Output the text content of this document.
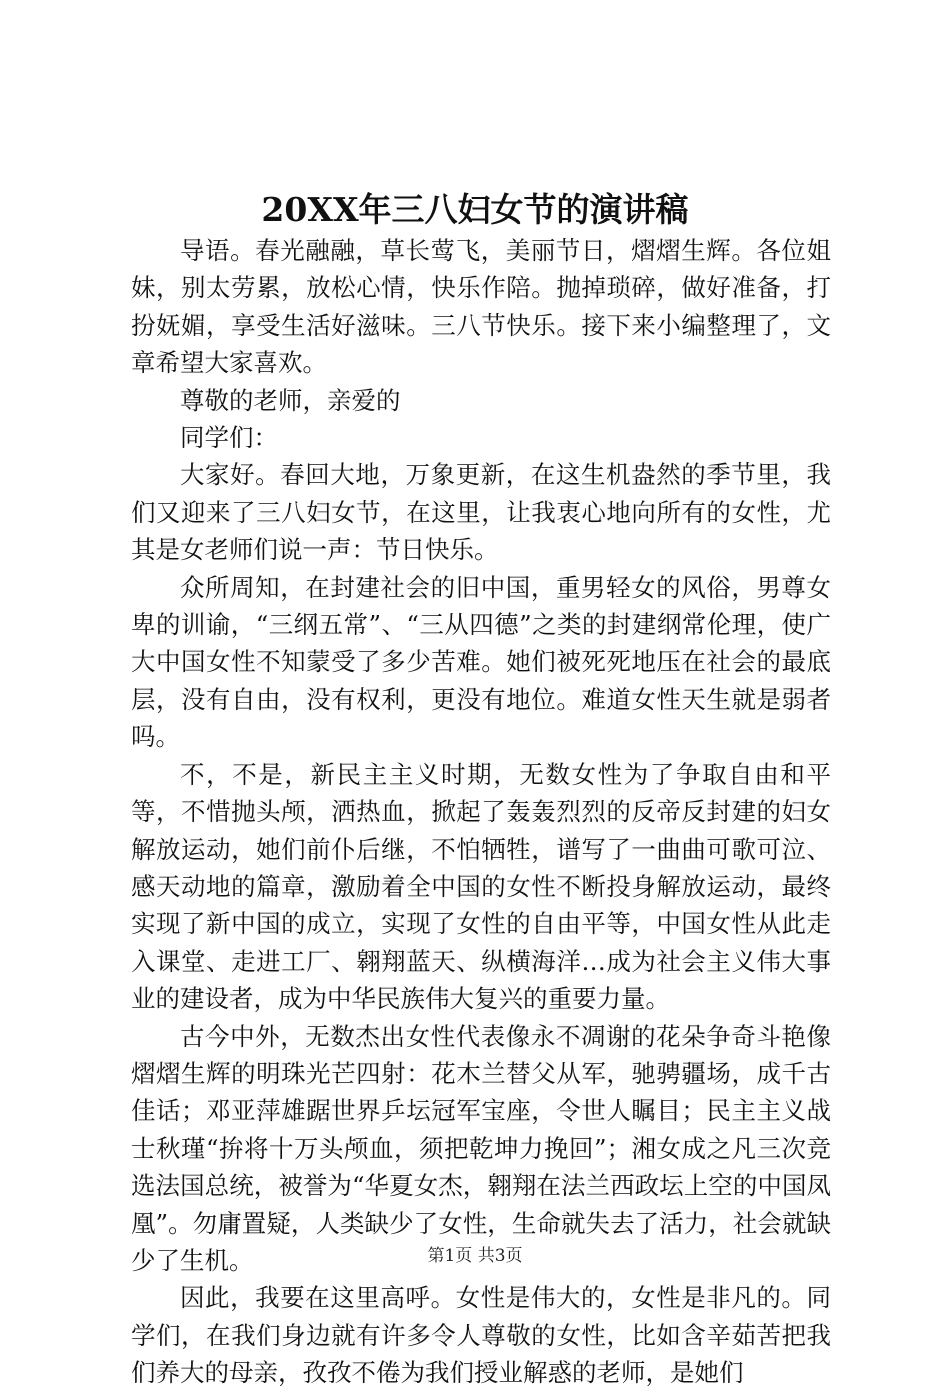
20XX年三八妇女节的演讲稿

导语。春光融融，草长莺飞，美丽节日，熠熠生辉。各位姐妹，别太劳累，放松心情，快乐作陪。抛掉琐碎，做好准备，打扮妩媚，享受生活好滋味。三八节快乐。接下来小编整理了，文章希望大家喜欢。

尊敬的老师，亲爱的

同学们：

大家好。春回大地，万象更新，在这生机盎然的季节里，我们又迎来了三八妇女节，在这里，让我衷心地向所有的女性，尤其是女老师们说一声：节日快乐。

众所周知，在封建社会的旧中国，重男轻女的风俗，男尊女卑的训谕，“三纲五常”、“三从四德”之类的封建纲常伦理，使广大中国女性不知蒙受了多少苦难。她们被死死地压在社会的最底层，没有自由，没有权利，更没有地位。难道女性天生就是弱者吗。

不，不是，新民主主义时期，无数女性为了争取自由和平等，不惜抛头颅，洒热血，掀起了轰轰烈烈的反帝反封建的妇女解放运动，她们前仆后继，不怕牺牲，谱写了一曲曲可歌可泣、感天动地的篇章，激励着全中国的女性不断投身解放运动，最终实现了新中国的成立，实现了女性的自由平等，中国女性从此走入课堂、走进工厂、翱翔蓝天、纵横海洋…成为社会主义伟大事业的建设者，成为中华民族伟大复兴的重要力量。

古今中外，无数杰出女性代表像永不凋谢的花朵争奇斗艳像熠熠生辉的明珠光芒四射：花木兰替父从军，驰骋疆场，成千古佳话；邓亚萍雄踞世界乒坛冠军宝座，令世人瞩目；民主主义战士秋瑾“拚将十万头颅血，须把乾坤力挽回”；湘女成之凡三次竞选法国总统，被誉为“华夏女杰，翱翔在法兰西政坛上空的中国凤凰”。勿庸置疑，人类缺少了女性，生命就失去了活力，社会就缺少了生机。

因此，我要在这里高呼。女性是伟大的，女性是非凡的。同学们，在我们身边就有许多令人尊敬的女性，比如含辛茹苦把我们养大的母亲，孜孜不倦为我们授业解惑的老师，是她们

第1页 共3页
